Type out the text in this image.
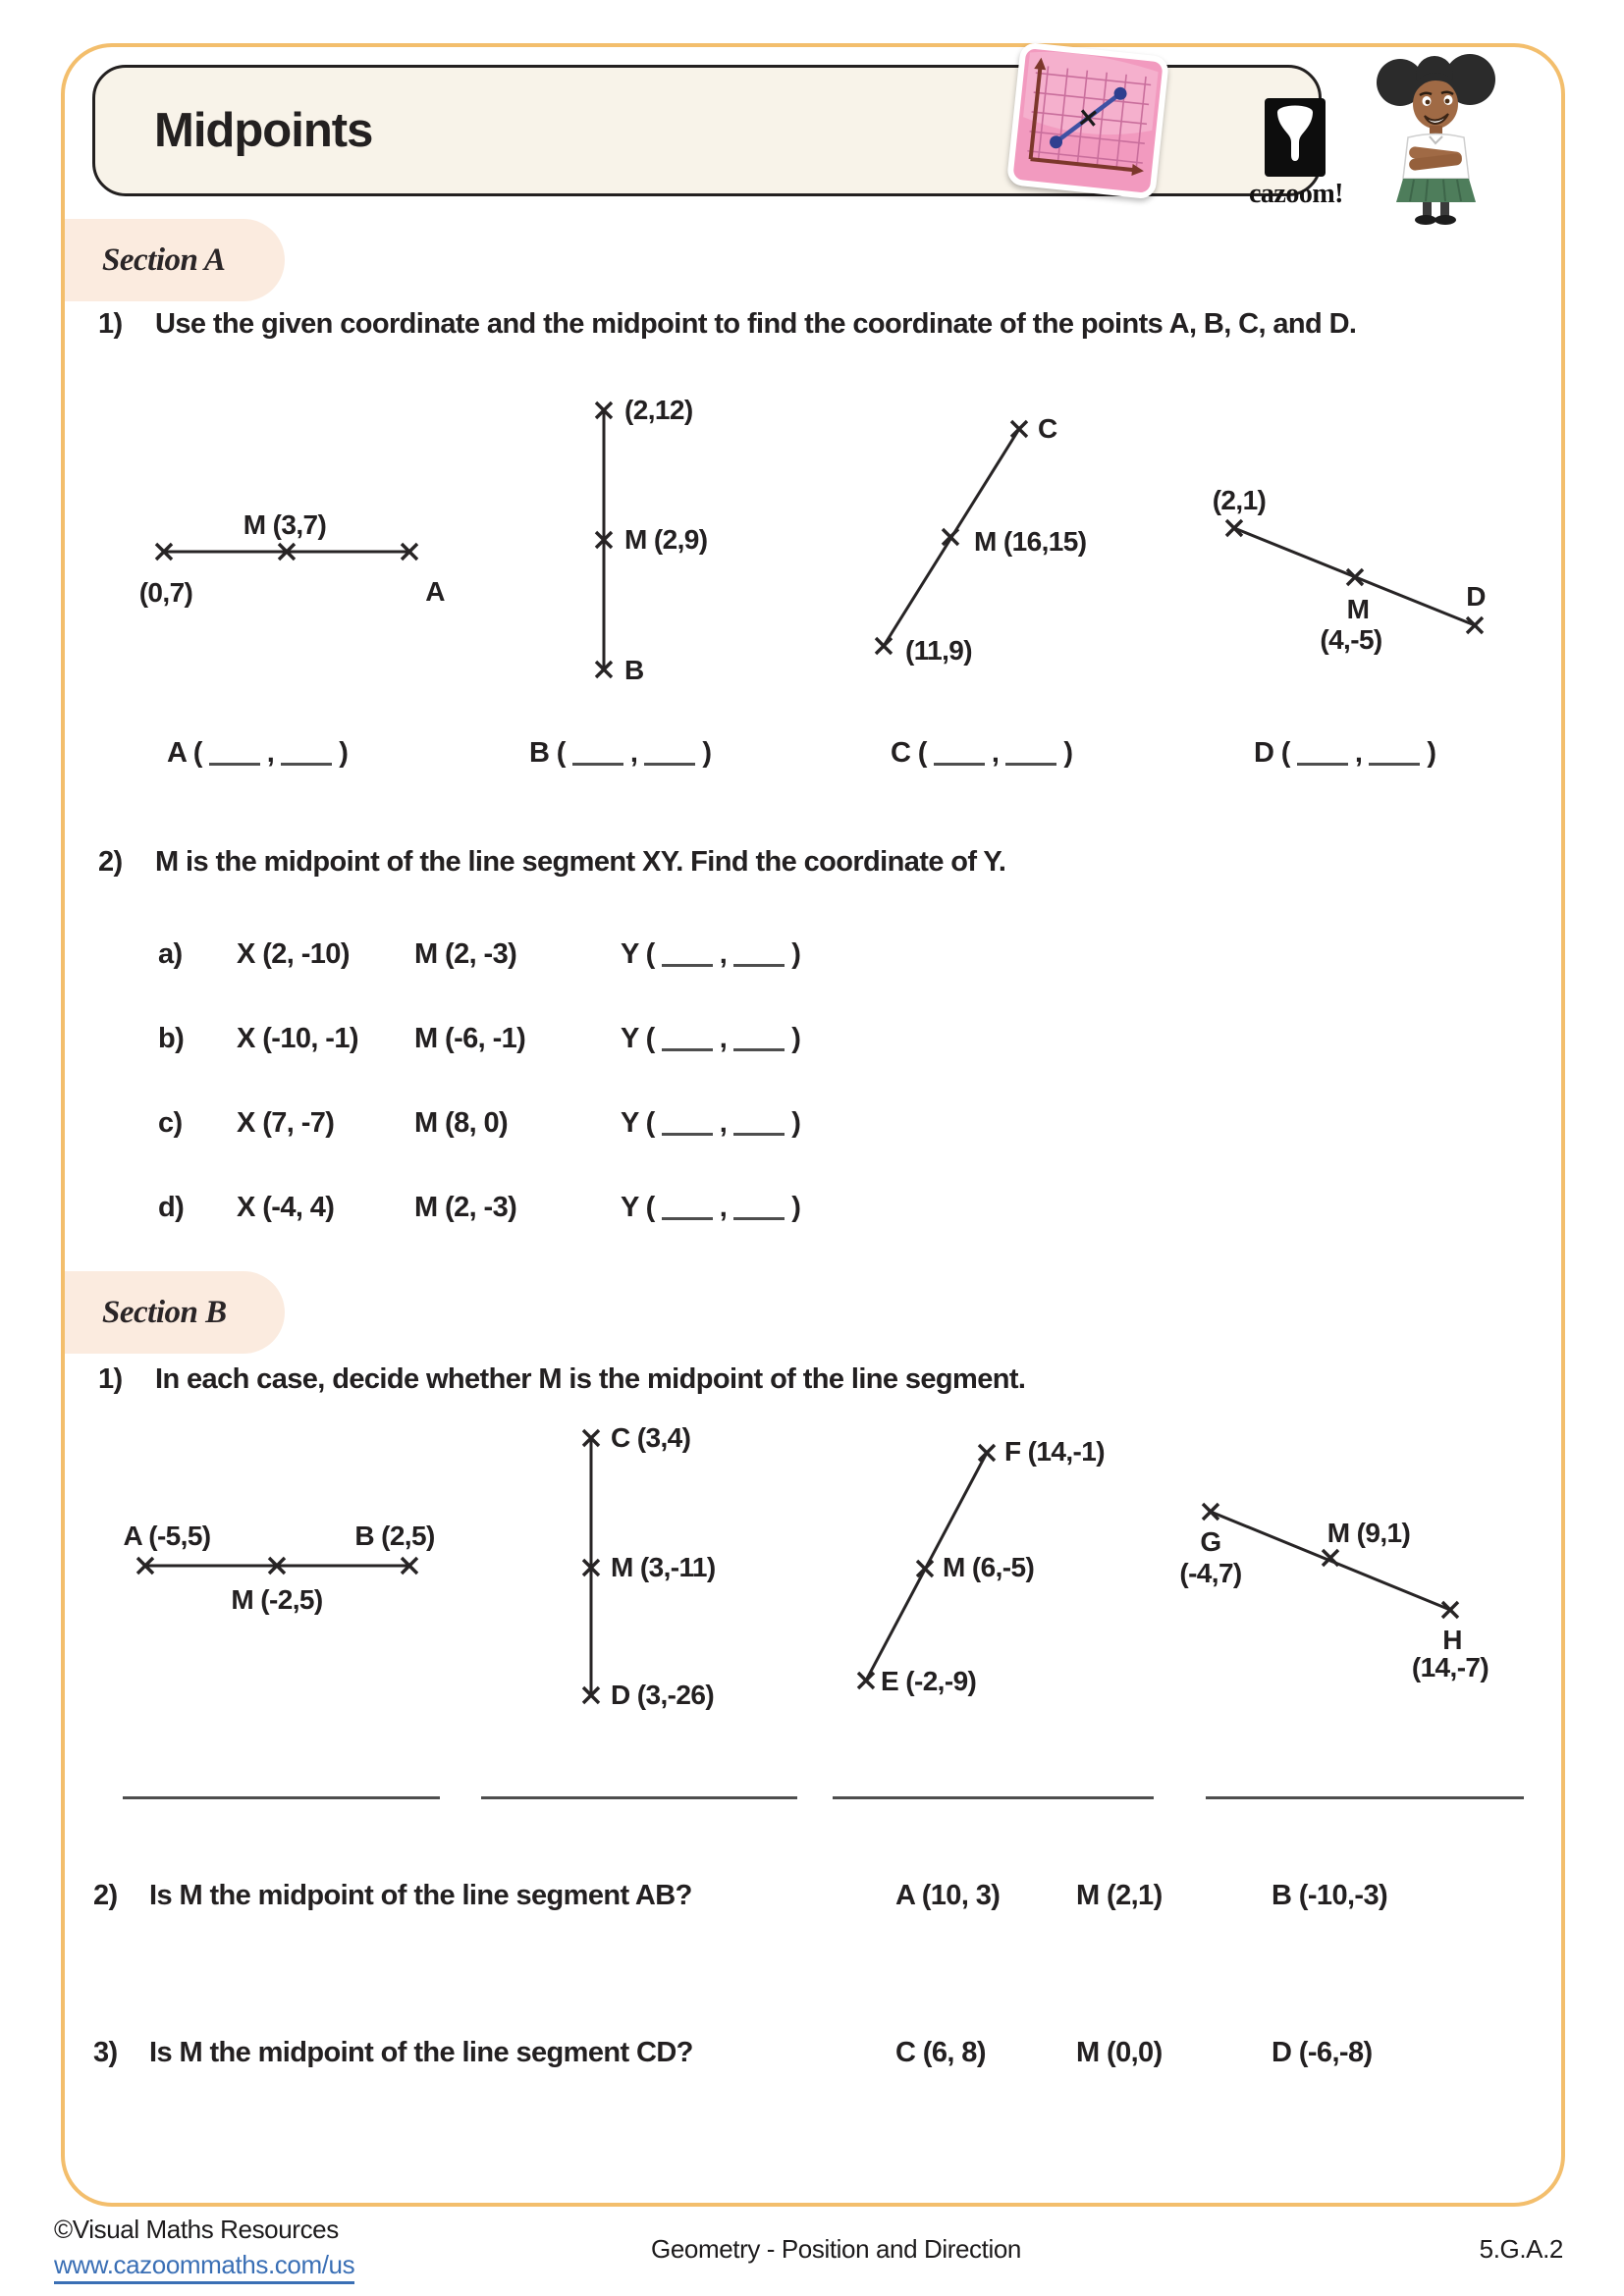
Midpoints
cazoom!
Section A
1) Use the given coordinate and the midpoint to find the coordinate of the points A, B, C, and D.
M (3,7)
(0,7)	A
(2,12)
M (2,9)
B
(11,9)
M (16,15)
C
(2,1)
M
(4,-5)
D
A ( , )	B ( , )	C ( , )	D ( , )
2) M is the midpoint of the line segment XY. Find the coordinate of Y.
a) X (2, -10) M (2, -3)	Y ( , )
b) X (-10, -1) M (-6, -1)	Y ( , )
c) X (7, -7)	M (8, 0)	Y ( , )
d) X (-4, 4)	M (2, -3)	Y ( , )
Section B
1) In each case, decide whether M is the midpoint of the line segment.
A (-5,5)	B (2,5)
M (-2,5)
C (3,4)
M (3,-11)
D (3,-26)	E (-2,-9)
M (6,-5)
F (14,-1)
G
(-4,7)
M (9,1)
H
(14,-7)
2) Is M the midpoint of the line segment AB?	A (10, 3)	M (2,1)	B (-10,-3)
3) Is M the midpoint of the line segment CD?	C (6, 8)	M (0,0)	D (-6,-8)
©Visual Maths Resources
www.cazoommaths.com/us
Geometry - Position and Direction	5.G.A.2
